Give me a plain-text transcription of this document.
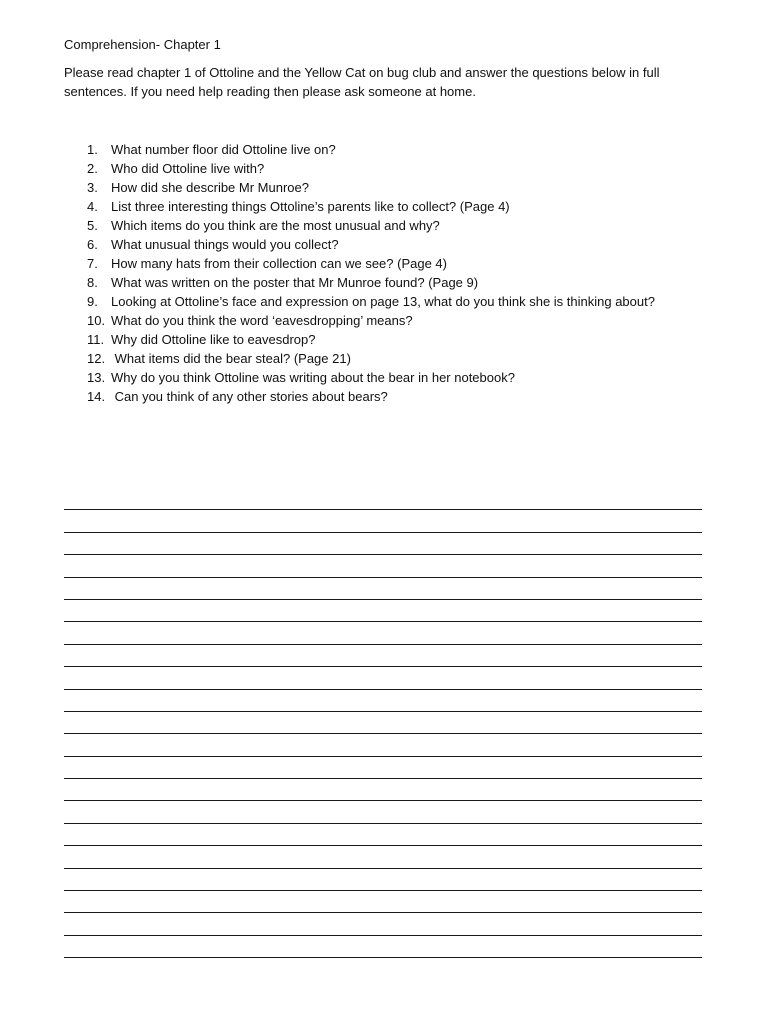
Comprehension- Chapter 1
Please read chapter 1 of Ottoline and the Yellow Cat on bug club and answer the questions below in full sentences. If you need help reading then please ask someone at home.
1.	What number floor did Ottoline live on?
2.	Who did Ottoline live with?
3.	How did she describe Mr Munroe?
4.	List three interesting things Ottoline’s parents like to collect? (Page 4)
5.	Which items do you think are the most unusual and why?
6.	What unusual things would you collect?
7.	How many hats from their collection can we see? (Page 4)
8.	What was written on the poster that Mr Munroe found? (Page 9)
9.	Looking at Ottoline’s face and expression on page 13, what do you think she is thinking about?
10. What do you think the word ‘eavesdropping’ means?
11. Why did Ottoline like to eavesdrop?
12. What items did the bear steal? (Page 21)
13. Why do you think Ottoline was writing about the bear in her notebook?
14. Can you think of any other stories about bears?
